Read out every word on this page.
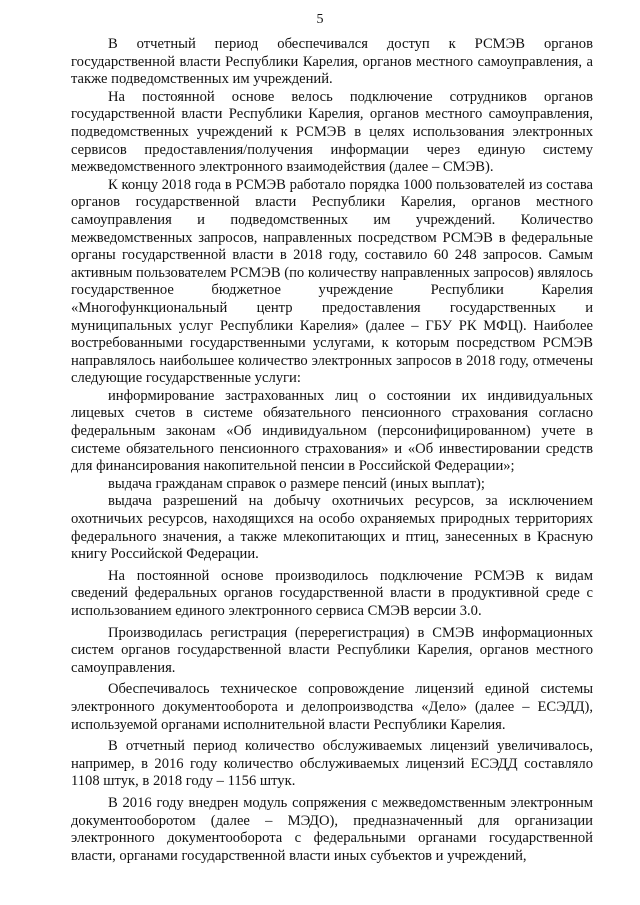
5

В отчетный период обеспечивался доступ к РСМЭВ органов государственной власти Республики Карелия, органов местного самоуправления, а также подведомственных им учреждений.

На постоянной основе велось подключение сотрудников органов государственной власти Республики Карелия, органов местного самоуправления, подведомственных учреждений к РСМЭВ в целях использования электронных сервисов предоставления/получения информации через единую систему межведомственного электронного взаимодействия (далее – СМЭВ).

К концу 2018 года в РСМЭВ работало порядка 1000 пользователей из состава органов государственной власти Республики Карелия, органов местного самоуправления и подведомственных им учреждений. Количество межведомственных запросов, направленных посредством РСМЭВ в федеральные органы государственной власти в 2018 году, составило 60 248 запросов. Самым активным пользователем РСМЭВ (по количеству направленных запросов) являлось государственное бюджетное учреждение Республики Карелия «Многофункциональный центр предоставления государственных и муниципальных услуг Республики Карелия» (далее – ГБУ РК МФЦ). Наиболее востребованными государственными услугами, к которым посредством РСМЭВ направлялось наибольшее количество электронных запросов в 2018 году, отмечены следующие государственные услуги:

информирование застрахованных лиц о состоянии их индивидуальных лицевых счетов в системе обязательного пенсионного страхования согласно федеральным законам «Об индивидуальном (персонифицированном) учете в системе обязательного пенсионного страхования» и «Об инвестировании средств для финансирования накопительной пенсии в Российской Федерации»;

выдача гражданам справок о размере пенсий (иных выплат);

выдача разрешений на добычу охотничьих ресурсов, за исключением охотничьих ресурсов, находящихся на особо охраняемых природных территориях федерального значения, а также млекопитающих и птиц, занесенных в Красную книгу Российской Федерации.

На постоянной основе производилось подключение РСМЭВ к видам сведений федеральных органов государственной власти в продуктивной среде с использованием единого электронного сервиса СМЭВ версии 3.0.

Производилась регистрация (перерегистрация) в СМЭВ информационных систем органов государственной власти Республики Карелия, органов местного самоуправления.

Обеспечивалось техническое сопровождение лицензий единой системы электронного документооборота и делопроизводства «Дело» (далее – ЕСЭДД), используемой органами исполнительной власти Республики Карелия.

В отчетный период количество обслуживаемых лицензий увеличивалось, например, в 2016 году количество обслуживаемых лицензий ЕСЭДД составляло 1108 штук, в 2018 году – 1156 штук.

В 2016 году внедрен модуль сопряжения с межведомственным электронным документооборотом (далее – МЭДО), предназначенный для организации электронного документооборота с федеральными органами государственной власти, органами государственной власти иных субъектов и учреждений,
